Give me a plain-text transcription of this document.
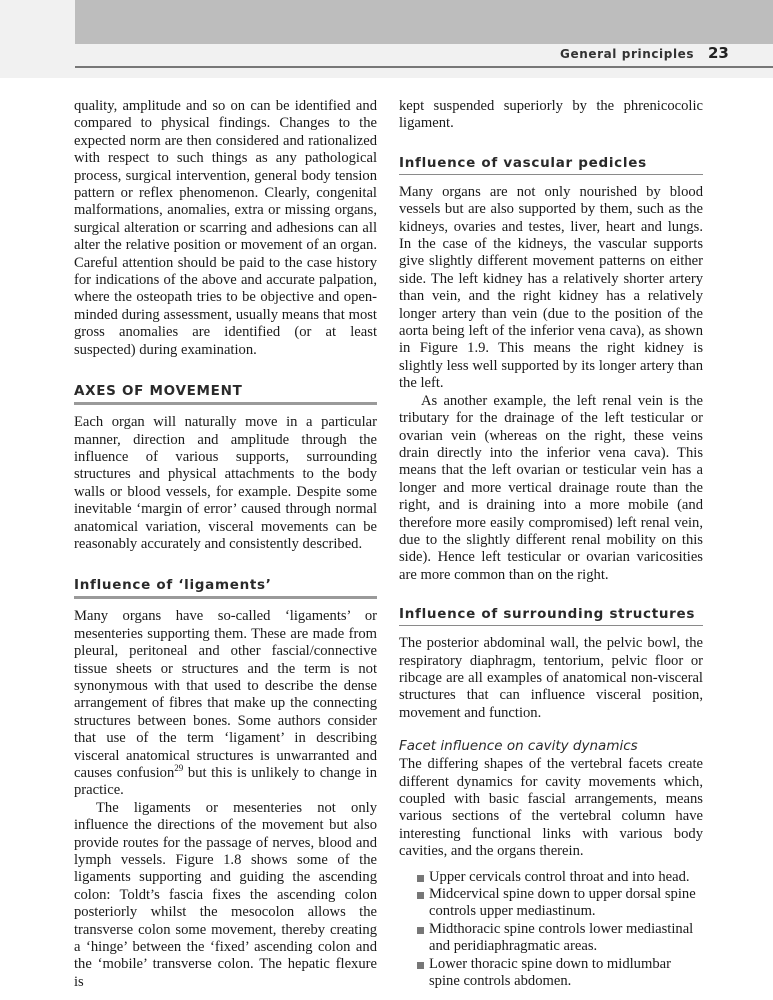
General principles 23

quality, amplitude and so on can be identified and compared to physical findings. Changes to the expected norm are then considered and rationalized with respect to such things as any pathological process, surgical intervention, general body tension pattern or reflex phenomenon. Clearly, congenital malformations, anomalies, extra or missing organs, surgical alteration or scarring and adhesions can all alter the relative position or movement of an organ. Careful attention should be paid to the case history for indications of the above and accurate palpation, where the osteopath tries to be objective and open-minded during assessment, usually means that most gross anomalies are identified (or at least suspected) during examination.

AXES OF MOVEMENT

Each organ will naturally move in a particular manner, direction and amplitude through the influence of various supports, surrounding structures and physical attachments to the body walls or blood vessels, for example. Despite some inevitable ‘margin of error’ caused through normal anatomical variation, visceral movements can be reasonably accurately and consistently described.

Influence of ‘ligaments’

Many organs have so-called ‘ligaments’ or mesenteries supporting them. These are made from pleural, peritoneal and other fascial/connective tissue sheets or structures and the term is not synonymous with that used to describe the dense arrangement of fibres that make up the connecting structures between bones. Some authors consider that use of the term ‘ligament’ in describing visceral anatomical structures is unwarranted and causes confusion$^{29}$ but this is unlikely to change in practice.

The ligaments or mesenteries not only influence the directions of the movement but also provide routes for the passage of nerves, blood and lymph vessels. Figure 1.8 shows some of the ligaments supporting and guiding the ascending colon: Toldt’s fascia fixes the ascending colon posteriorly whilst the mesocolon allows the transverse colon some movement, thereby creating a ‘hinge’ between the ‘fixed’ ascending colon and the ‘mobile’ transverse colon. The hepatic flexure is

kept suspended superiorly by the phrenicocolic ligament.

Influence of vascular pedicles

Many organs are not only nourished by blood vessels but are also supported by them, such as the kidneys, ovaries and testes, liver, heart and lungs. In the case of the kidneys, the vascular supports give slightly different movement patterns on either side. The left kidney has a relatively shorter artery than vein, and the right kidney has a relatively longer artery than vein (due to the position of the aorta being left of the inferior vena cava), as shown in Figure 1.9. This means the right kidney is slightly less well supported by its longer artery than the left.

As another example, the left renal vein is the tributary for the drainage of the left testicular or ovarian vein (whereas on the right, these veins drain directly into the inferior vena cava). This means that the left ovarian or testicular vein has a longer and more vertical drainage route than the right, and is draining into a more mobile (and therefore more easily compromised) left renal vein, due to the slightly different renal mobility on this side). Hence left testicular or ovarian varicosities are more common than on the right.

Influence of surrounding structures

The posterior abdominal wall, the pelvic bowl, the respiratory diaphragm, tentorium, pelvic floor or ribcage are all examples of anatomical non-visceral structures that can influence visceral position, movement and function.

Facet influence on cavity dynamics

The differing shapes of the vertebral facets create different dynamics for cavity movements which, coupled with basic fascial arrangements, means various sections of the vertebral column have interesting functional links with various body cavities, and the organs therein.

Upper cervicals control throat and into head.
Midcervical spine down to upper dorsal spine controls upper mediastinum.
Midthoracic spine controls lower mediastinal and peridiaphragmatic areas.
Lower thoracic spine down to midlumbar spine controls abdomen.
